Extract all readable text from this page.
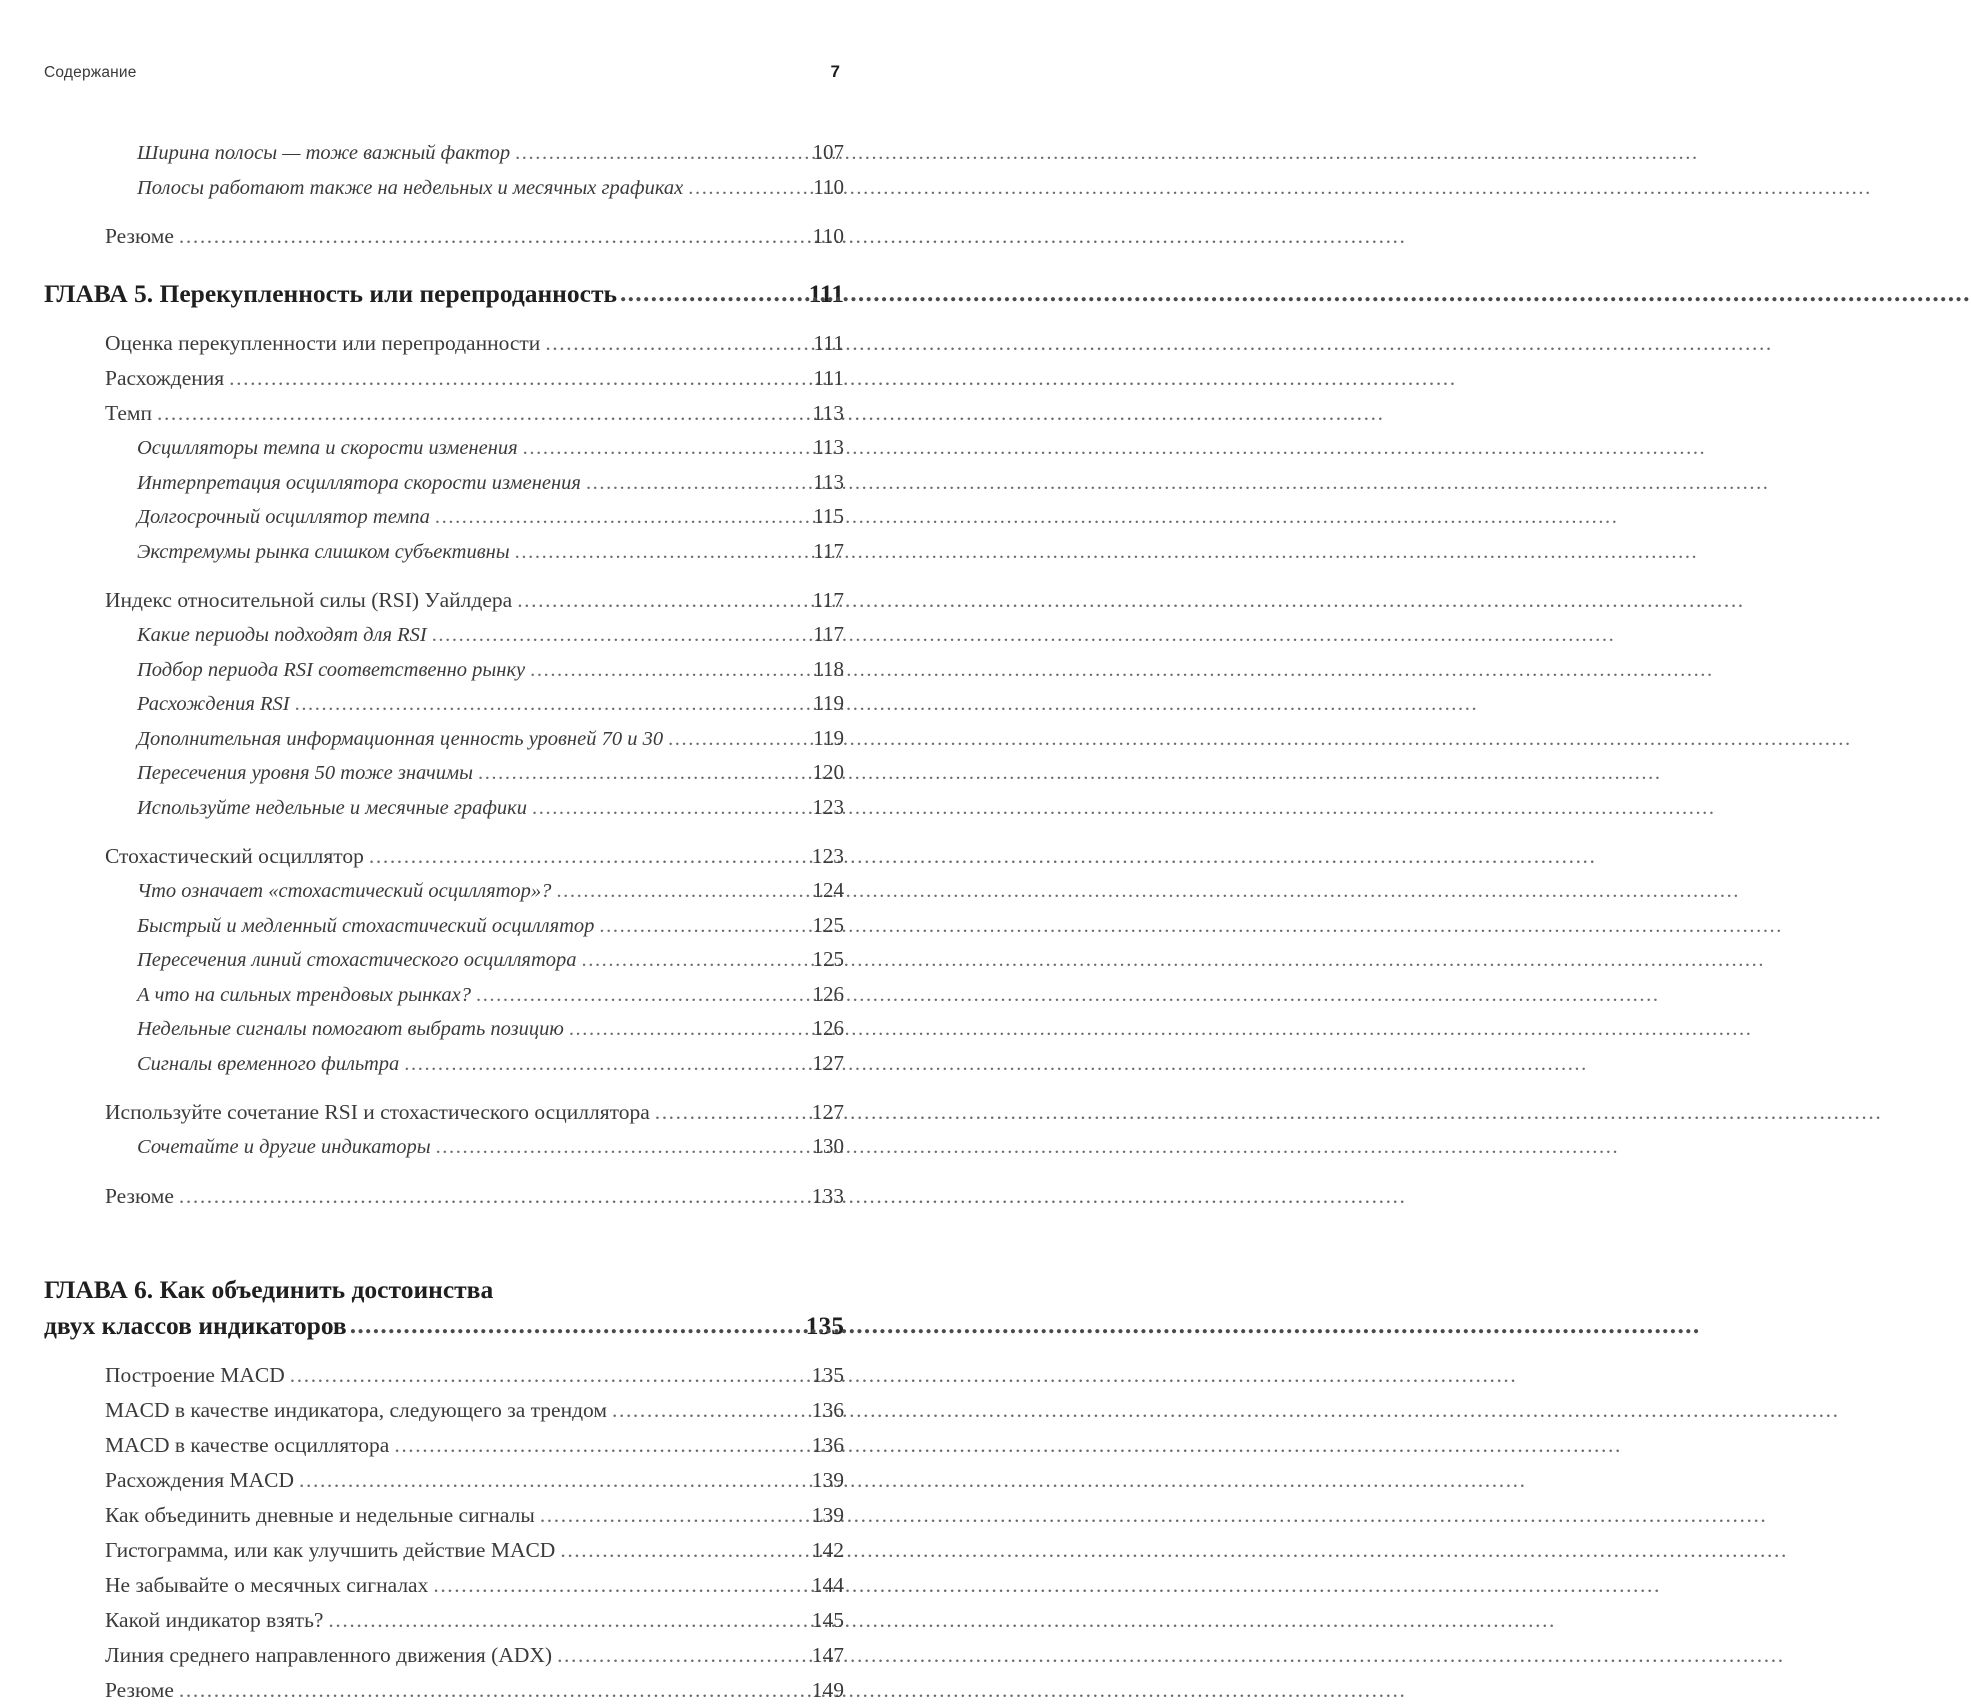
Содержание	7
Ширина полосы — тоже важный фактор .....	107
Полосы работают также на недельных и месячных графиках .....	110
Резюме .....	110
ГЛАВА 5. Перекупленность или перепроданность .....	111
Оценка перекупленности или перепроданности .....	111
Расхождения .....	111
Темп .....	113
Осцилляторы темпа и скорости изменения .....	113
Интерпретация осциллятора скорости изменения .....	113
Долгосрочный осциллятор темпа .....	115
Экстремумы рынка слишком субъективны .....	117
Индекс относительной силы (RSI) Уайлдера .....	117
Какие периоды подходят для RSI .....	117
Подбор периода RSI соответственно рынку .....	118
Расхождения RSI .....	119
Дополнительная информационная ценность уровней 70 и 30 .....	119
Пересечения уровня 50 тоже значимы .....	120
Используйте недельные и месячные графики .....	123
Стохастический осциллятор .....	123
Что означает «стохастический осциллятор»? .....	124
Быстрый и медленный стохастический осциллятор .....	125
Пересечения линий стохастического осциллятора .....	125
А что на сильных трендовых рынках? .....	126
Недельные сигналы помогают выбрать позицию .....	126
Сигналы временного фильтра .....	127
Используйте сочетание RSI и стохастического осциллятора .....	127
Сочетайте и другие индикаторы .....	130
Резюме .....	133
ГЛАВА 6. Как объединить достоинства
двух классов индикаторов .....	135
Построение MACD .....	135
MACD в качестве индикатора, следующего за трендом .....	136
MACD в качестве осциллятора .....	136
Расхождения MACD .....	139
Как объединить дневные и недельные сигналы .....	139
Гистограмма, или как улучшить действие MACD .....	142
Не забывайте о месячных сигналах .....	144
Какой индикатор взять? .....	145
Линия среднего направленного движения (ADX) .....	147
Резюме .....	149
